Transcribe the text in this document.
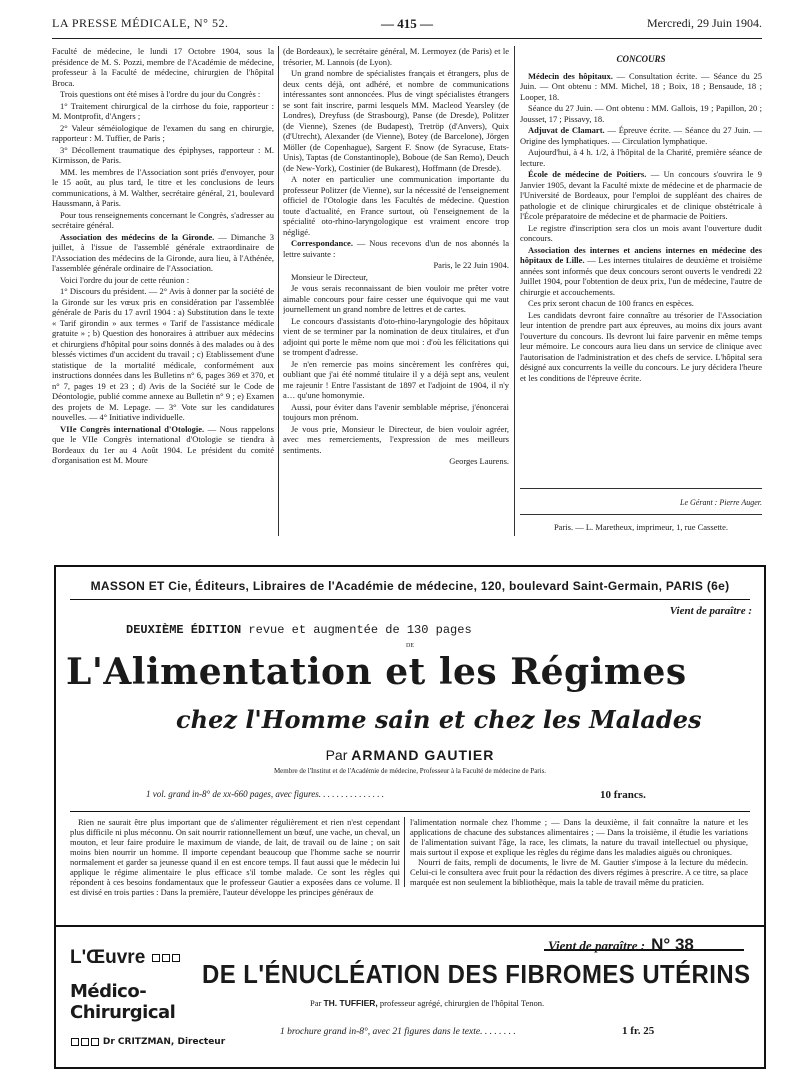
LA PRESSE MÉDICALE, N° 52.	— 415 —	Mercredi, 29 Juin 1904.

Faculté de médecine, le lundi 17 Octobre 1904, sous la présidence de M. S. Pozzi, membre de l'Académie de médecine, professeur à la Faculté de médecine, chirurgien de l'hôpital Broca.

Trois questions ont été mises à l'ordre du jour du Congrès :

1° Traitement chirurgical de la cirrhose du foie, rapporteur : M. Montprofit, d'Angers ;

2° Valeur séméiologique de l'examen du sang en chirurgie, rapporteur : M. Tuffier, de Paris ;

3° Décollement traumatique des épiphyses, rapporteur : M. Kirmisson, de Paris.

MM. les membres de l'Association sont priés d'envoyer, pour le 15 août, au plus tard, le titre et les conclusions de leurs communications, à M. Walther, secrétaire général, 21, boulevard Haussmann, à Paris.

Pour tous renseignements concernant le Congrès, s'adresser au secrétaire général.

Association des médecins de la Gironde. — Dimanche 3 juillet, à l'issue de l'assemblé générale extraordinaire de l'Association des médecins de la Gironde, aura lieu, à l'Athénée, l'assemblée générale ordinaire de l'Association.

Voici l'ordre du jour de cette réunion :

1° Discours du président. — 2° Avis à donner par la société de la Gironde sur les vœux pris en considération par l'assemblée générale de Paris du 17 avril 1904 : a) Substitution dans le texte « Tarif girondin » aux termes « Tarif de l'assistance médicale gratuite » ; b) Question des honoraires à attribuer aux médecins et chirurgiens d'hôpital pour soins donnés à des malades ou à des blessés victimes d'un accident du travail ; c) Etablissement d'une statistique de la mortalité médicale, conformément aux instructions données dans les Bulletins n° 6, pages 369 et 370, et n° 7, pages 19 et 23 ; d) Avis de la Société sur le Code de Déontologie, publié comme annexe au Bulletin n° 9 ; e) Examen des projets de M. Lepage. — 3° Vote sur les candidatures nouvelles. — 4° Initiative individuelle.

VIIe Congrès international d'Otologie. — Nous rappelons que le VIIe Congrès international d'Otologie se tiendra à Bordeaux du 1er au 4 Août 1904. Le président du comité d'organisation est M. Moure

(de Bordeaux), le secrétaire général, M. Lermoyez (de Paris) et le trésorier, M. Lannois (de Lyon).

Un grand nombre de spécialistes français et étrangers, plus de deux cents déjà, ont adhéré, et nombre de communications intéressantes sont annoncées. Plus de vingt spécialistes étrangers se sont fait inscrire, parmi lesquels MM. Macleod Yearsley (de Londres), Dreyfuss (de Strasbourg), Panse (de Dresde), Politzer (de Vienne), Szenes (de Budapest), Tretröp (d'Anvers), Quix (d'Utrecht), Alexander (de Vienne), Botey (de Barcelone), Jörgen Möller (de Copenhague), Sargent F. Snow (de Syracuse, Etats-Unis), Taptas (de Constantinople), Boboue (de San Remo), Deuch (de New-York), Costinier (de Bukarest), Hoffmann (de Dresde).

A noter en particulier une communication importante du professeur Politzer (de Vienne), sur la nécessité de l'enseignement officiel de l'Otologie dans les Facultés de médecine. Question toute d'actualité, en France surtout, où l'enseignement de la spécialité oto-rhino-laryngologique est vraiment encore trop négligé.

Correspondance. — Nous recevons d'un de nos abonnés la lettre suivante :

Paris, le 22 Juin 1904.

Monsieur le Directeur,

Je vous serais reconnaissant de bien vouloir me prêter votre aimable concours pour faire cesser une équivoque qui me vaut journellement un grand nombre de lettres et de cartes.

Le concours d'assistants d'oto-rhino-laryngologie des hôpitaux vient de se terminer par la nomination de deux titulaires, et d'un adjoint qui porte le même nom que moi : d'où les félicitations qui se trompent d'adresse.

Je n'en remercie pas moins sincèrement les confrères qui, oubliant que j'ai été nommé titulaire il y a déjà sept ans, veulent me rajeunir ! Entre l'assistant de 1897 et l'adjoint de 1904, il n'y a… qu'une homonymie.

Aussi, pour éviter dans l'avenir semblable méprise, j'énoncerai toujours mon prénom.

Je vous prie, Monsieur le Directeur, de bien vouloir agréer, avec mes remerciements, l'expression de mes meilleurs sentiments.

Georges Laurens.

CONCOURS

Médecin des hôpitaux. — Consultation écrite. — Séance du 25 Juin. — Ont obtenu : MM. Michel, 18 ; Boix, 18 ; Bensaude, 18 ; Looper, 18.

Séance du 27 Juin. — Ont obtenu : MM. Gallois, 19 ; Papillon, 20 ; Jousset, 17 ; Pissavy, 18.

Adjuvat de Clamart. — Épreuve écrite. — Séance du 27 Juin. — Origine des lymphatiques. — Circulation lymphatique.

Aujourd'hui, à 4 h. 1/2, à l'hôpital de la Charité, première séance de lecture.

École de médecine de Poitiers. — Un concours s'ouvrira le 9 Janvier 1905, devant la Faculté mixte de médecine et de pharmacie de l'Université de Bordeaux, pour l'emploi de suppléant des chaires de pathologie et de clinique chirurgicales et de clinique obstétricale à l'École préparatoire de médecine et de pharmacie de Poitiers.

Le registre d'inscription sera clos un mois avant l'ouverture dudit concours.

Association des internes et anciens internes en médecine des hôpitaux de Lille. — Les internes titulaires de deuxième et troisième années sont informés que deux concours seront ouverts le vendredi 22 Juillet 1904, pour l'obtention de deux prix, l'un de médecine, l'autre de chirurgie et accouchements.

Ces prix seront chacun de 100 francs en espèces.

Les candidats devront faire connaître au trésorier de l'Association leur intention de prendre part aux épreuves, au moins dix jours avant l'ouverture du concours. Ils devront lui faire parvenir en même temps leur mémoire. Le concours aura lieu dans un service de clinique avec l'autorisation de l'administration et des chefs de service. L'hôpital sera désigné aux concurrents la veille du concours. Le jury décidera l'heure et les conditions de l'épreuve écrite.

Le Gérant : Pierre Auger.

Paris. — L. Maretheux, imprimeur, 1, rue Cassette.

MASSON ET Cie, Éditeurs, Libraires de l'Académie de médecine, 120, boulevard Saint-Germain, PARIS (6e)
Vient de paraître :
DEUXIÈME ÉDITION revue et augmentée de 130 pages
DE
L'Alimentation et les Régimes
chez l'Homme sain et chez les Malades
Par ARMAND GAUTIER
Membre de l'Institut et de l'Académie de médecine, Professeur à la Faculté de médecine de Paris.
1 vol. grand in-8° de xx-660 pages, avec figures. . . . . . . . . . . . . . .	10 francs.

Rien ne saurait être plus important que de s'alimenter régulièrement et rien n'est cependant plus difficile ni plus méconnu. On sait nourrir rationnellement un bœuf, une vache, un cheval, un mouton, et leur faire produire le maximum de viande, de lait, de travail ou de laine ; on sait moins bien nourrir un homme. Il importe cependant beaucoup que l'homme sache se nourrir normalement et garder sa jeunesse quand il en est encore temps. Il faut aussi que le médecin lui applique le régime alimentaire le plus efficace s'il tombe malade. Ce sont les règles qui répondent à ces besoins fondamentaux que le professeur Gautier a exposées dans ce volume. Il est divisé en trois parties : Dans la première, l'auteur développe les principes généraux de

l'alimentation normale chez l'homme ; — Dans la deuxième, il fait connaître la nature et les applications de chacune des substances alimentaires ; — Dans la troisième, il étudie les variations de l'alimentation suivant l'âge, la race, les climats, la nature du travail intellectuel ou physique, mais surtout il expose et explique les règles du régime dans les maladies aiguës ou chroniques.

Nourri de faits, rempli de documents, le livre de M. Gautier s'impose à la lecture du médecin. Celui-ci le consultera avec fruit pour la rédaction des divers régimes à prescrire. A ce titre, sa place marquée est non seulement la bibliothèque, mais la table de travail même du praticien.

L'Œuvre
Médico-Chirurgical
Dr CRITZMAN, Directeur
Vient de paraître : N° 38
DE L'ÉNUCLÉATION DES FIBROMES UTÉRINS
Par TH. TUFFIER, professeur agrégé, chirurgien de l'hôpital Tenon.
1 brochure grand in-8°, avec 21 figures dans le texte. . . . . . . .	1 fr. 25
